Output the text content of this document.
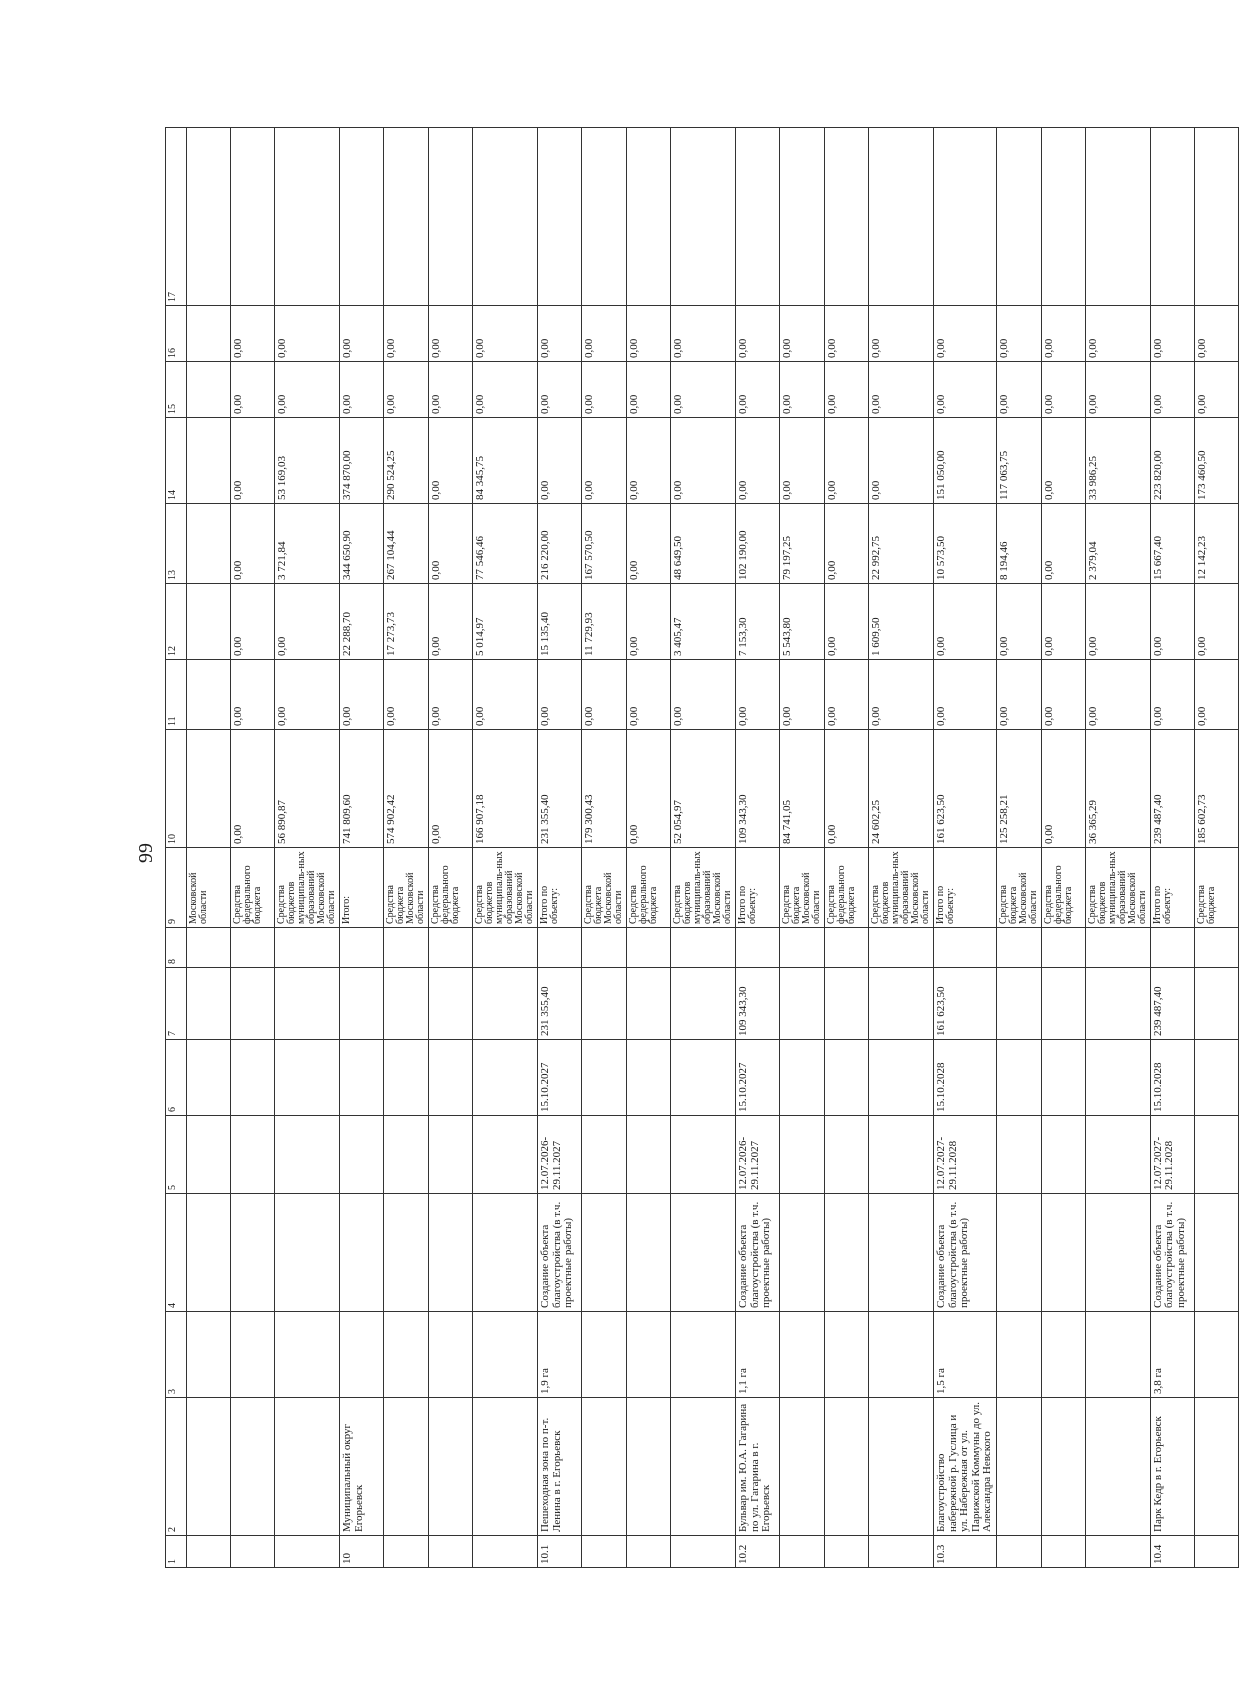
99
1	2	3	4	5	6	7	8	9	10	11	12	13	14	15	16	17
								Московской области								
								Средства федерального бюджета	0,00	0,00	0,00	0,00	0,00	0,00	0,00	
								Средства бюджетов муниципаль-ных образований Московской области	56 890,87	0,00	0,00	3 721,84	53 169,03	0,00	0,00	
10	Муниципальный округ Егорьевск							Итого:	741 809,60	0,00	22 288,70	344 650,90	374 870,00	0,00	0,00	
								Средства бюджета Московской области	574 902,42	0,00	17 273,73	267 104,44	290 524,25	0,00	0,00	
								Средства федерального бюджета	0,00	0,00	0,00	0,00	0,00	0,00	0,00	
								Средства бюджетов муниципаль-ных образований Московской области	166 907,18	0,00	5 014,97	77 546,46	84 345,75	0,00	0,00	
10.1	Пешеходная зона по п-т. Ленина в г. Егорьевск	1,9 га	Создание объекта благоустройства (в т.ч. проектные работы)	12.07.2026-29.11.2027	15.10.2027	231 355,40		Итого по объекту:	231 355,40	0,00	15 135,40	216 220,00	0,00	0,00	0,00	
								Средства бюджета Московской области	179 300,43	0,00	11 729,93	167 570,50	0,00	0,00	0,00	
								Средства федерального бюджета	0,00	0,00	0,00	0,00	0,00	0,00	0,00	
								Средства бюджетов муниципаль-ных образований Московской области	52 054,97	0,00	3 405,47	48 649,50	0,00	0,00	0,00	
10.2	Бульвар им. Ю.А. Гагарина по ул. Гагарина в г. Егорьевск	1,1 га	Создание объекта благоустройства (в т.ч. проектные работы)	12.07.2026-29.11.2027	15.10.2027	109 343,30		Итого по объекту:	109 343,30	0,00	7 153,30	102 190,00	0,00	0,00	0,00	
								Средства бюджета Московской области	84 741,05	0,00	5 543,80	79 197,25	0,00	0,00	0,00	
								Средства федерального бюджета	0,00	0,00	0,00	0,00	0,00	0,00	0,00	
								Средства бюджетов муниципаль-ных образований Московской области	24 602,25	0,00	1 609,50	22 992,75	0,00	0,00	0,00	
10.3	Благоустройство набережной р. Гуслица и ул. Набережная от ул. Парижской Коммуны до ул. Александра Невского	1,5 га	Создание объекта благоустройства (в т.ч. проектные работы)	12.07.2027-29.11.2028	15.10.2028	161 623,50		Итого по объекту:	161 623,50	0,00	0,00	10 573,50	151 050,00	0,00	0,00	
								Средства бюджета Московской области	125 258,21	0,00	0,00	8 194,46	117 063,75	0,00	0,00	
								Средства федерального бюджета	0,00	0,00	0,00	0,00	0,00	0,00	0,00	
								Средства бюджетов муниципаль-ных образований Московской области	36 365,29	0,00	0,00	2 379,04	33 986,25	0,00	0,00	
10.4	Парк Кедр в г. Егорьевск	3,8 га	Создание объекта благоустройства (в т.ч. проектные работы)	12.07.2027-29.11.2028	15.10.2028	239 487,40		Итого по объекту:	239 487,40	0,00	0,00	15 667,40	223 820,00	0,00	0,00	
								Средства бюджета	185 602,73	0,00	0,00	12 142,23	173 460,50	0,00	0,00	
